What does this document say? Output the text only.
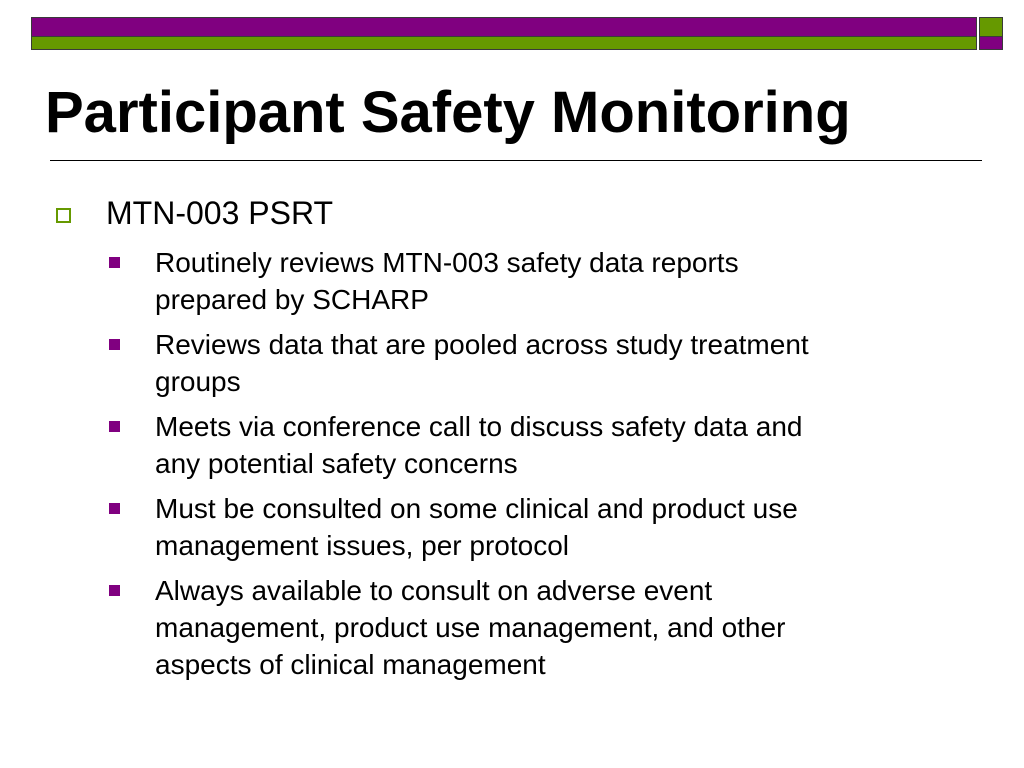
Participant Safety Monitoring
MTN-003 PSRT
Routinely reviews MTN-003 safety data reports
prepared by SCHARP
Reviews data that are pooled across study treatment
groups
Meets via conference call to discuss safety data and
any potential safety concerns
Must be consulted on some clinical and product use
management issues, per protocol
Always available to consult on adverse event
management, product use management, and other
aspects of clinical management
